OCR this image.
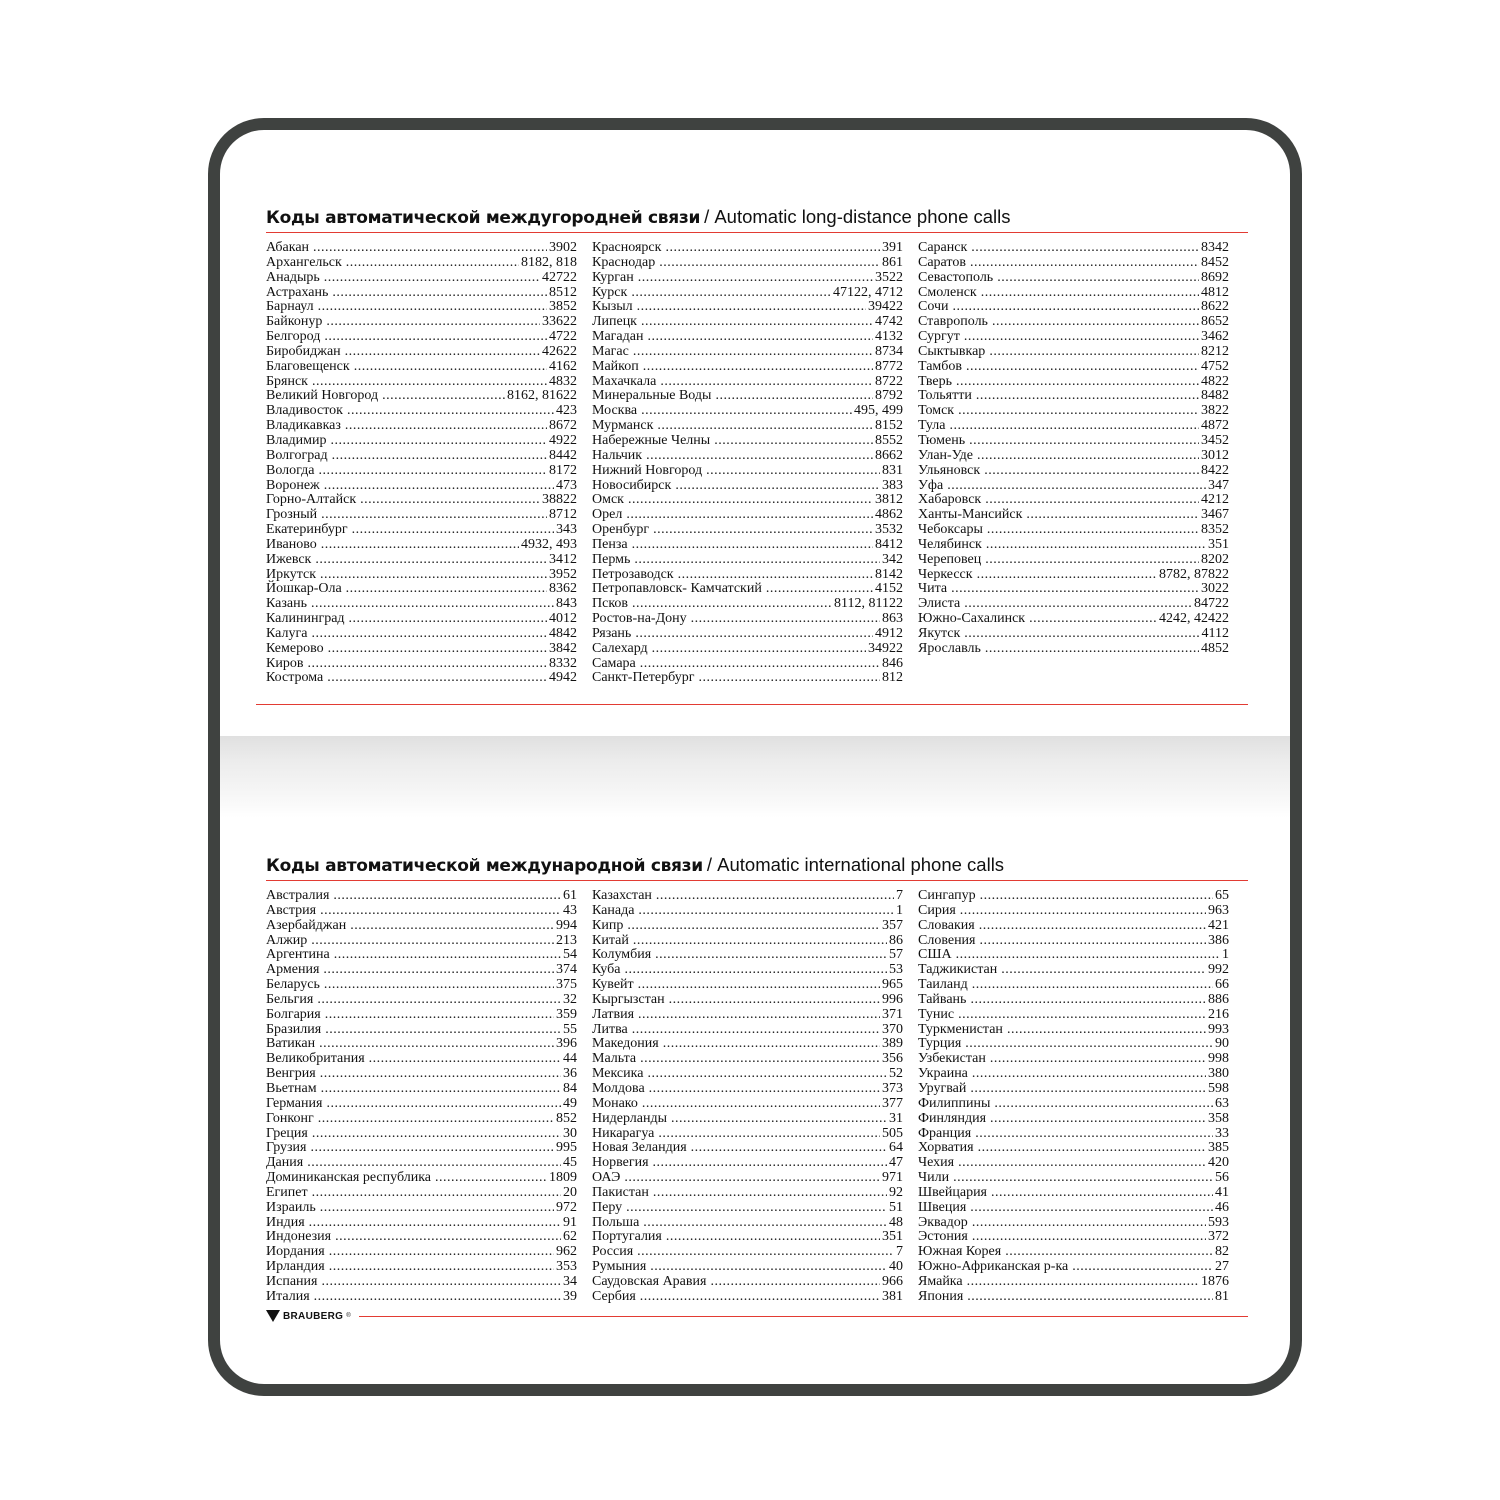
Коды автоматической междугородней связи / Automatic long-distance phone calls
Абакан .....	3902
Архангельск .....	8182, 818
Анадырь .....	42722
Астрахань .....	8512
Барнаул .....	3852
Байконур .....	33622
Белгород .....	4722
Биробиджан .....	42622
Благовещенск .....	4162
Брянск .....	4832
Великий Новгород .....	8162, 81622
Владивосток .....	423
Владикавказ .....	8672
Владимир .....	4922
Волгоград .....	8442
Вологда .....	8172
Воронеж .....	473
Горно-Алтайск .....	38822
Грозный .....	8712
Екатеринбург .....	343
Иваново .....	4932, 493
Ижевск .....	3412
Иркутск .....	3952
Йошкар-Ола .....	8362
Казань .....	843
Калининград .....	4012
Калуга .....	4842
Кемерово .....	3842
Киров .....	8332
Кострома .....	4942
Красноярск .....	391
Краснодар .....	861
Курган .....	3522
Курск .....	47122, 4712
Кызыл .....	39422
Липецк .....	4742
Магадан .....	4132
Магас .....	8734
Майкоп .....	8772
Махачкала .....	8722
Минеральные Воды .....	8792
Москва .....	495, 499
Мурманск .....	8152
Набережные Челны .....	8552
Нальчик .....	8662
Нижний Новгород .....	831
Новосибирск .....	383
Омск .....	3812
Орел .....	4862
Оренбург .....	3532
Пенза .....	8412
Пермь .....	342
Петрозаводск .....	8142
Петропавловск- Камчатский .....	4152
Псков .....	8112, 81122
Ростов-на-Дону .....	863
Рязань .....	4912
Салехард .....	34922
Самара .....	846
Санкт-Петербург .....	812
Саранск .....	8342
Саратов .....	8452
Севастополь .....	8692
Смоленск .....	4812
Сочи .....	8622
Ставрополь .....	8652
Сургут .....	3462
Сыктывкар .....	8212
Тамбов .....	4752
Тверь .....	4822
Тольятти .....	8482
Томск .....	3822
Тула .....	4872
Тюмень .....	3452
Улан-Уде .....	3012
Ульяновск .....	8422
Уфа .....	347
Хабаровск .....	4212
Ханты-Мансийск .....	3467
Чебоксары .....	8352
Челябинск .....	351
Череповец .....	8202
Черкесск .....	8782, 87822
Чита .....	3022
Элиста .....	84722
Южно-Сахалинск .....	4242, 42422
Якутск .....	4112
Ярославль .....	4852
Коды автоматической международной связи / Automatic international phone calls
Австралия .....	61
Австрия .....	43
Азербайджан .....	994
Алжир .....	213
Аргентина .....	54
Армения .....	374
Беларусь .....	375
Бельгия .....	32
Болгария .....	359
Бразилия .....	55
Ватикан .....	396
Великобритания .....	44
Венгрия .....	36
Вьетнам .....	84
Германия .....	49
Гонконг .....	852
Греция .....	30
Грузия .....	995
Дания .....	45
Доминиканская республика .....	1809
Египет .....	20
Израиль .....	972
Индия .....	91
Индонезия .....	62
Иордания .....	962
Ирландия .....	353
Испания .....	34
Италия .....	39
Казахстан .....	7
Канада .....	1
Кипр .....	357
Китай .....	86
Колумбия .....	57
Куба .....	53
Кувейт .....	965
Кыргызстан .....	996
Латвия .....	371
Литва .....	370
Македония .....	389
Мальта .....	356
Мексика .....	52
Молдова .....	373
Монако .....	377
Нидерланды .....	31
Никарагуа .....	505
Новая Зеландия .....	64
Норвегия .....	47
ОАЭ .....	971
Пакистан .....	92
Перу .....	51
Польша .....	48
Португалия .....	351
Россия .....	7
Румыния .....	40
Саудовская Аравия .....	966
Сербия .....	381
Сингапур .....	65
Сирия .....	963
Словакия .....	421
Словения .....	386
США .....	1
Таджикистан .....	992
Таиланд .....	66
Тайвань .....	886
Тунис .....	216
Туркменистан .....	993
Турция .....	90
Узбекистан .....	998
Украина .....	380
Уругвай .....	598
Филиппины .....	63
Финляндия .....	358
Франция .....	33
Хорватия .....	385
Чехия .....	420
Чили .....	56
Швейцария .....	41
Швеция .....	46
Эквадор .....	593
Эстония .....	372
Южная Корея .....	82
Южно-Африканская р-ка .....	27
Ямайка .....	1876
Япония .....	81
BRAUBERG ®
